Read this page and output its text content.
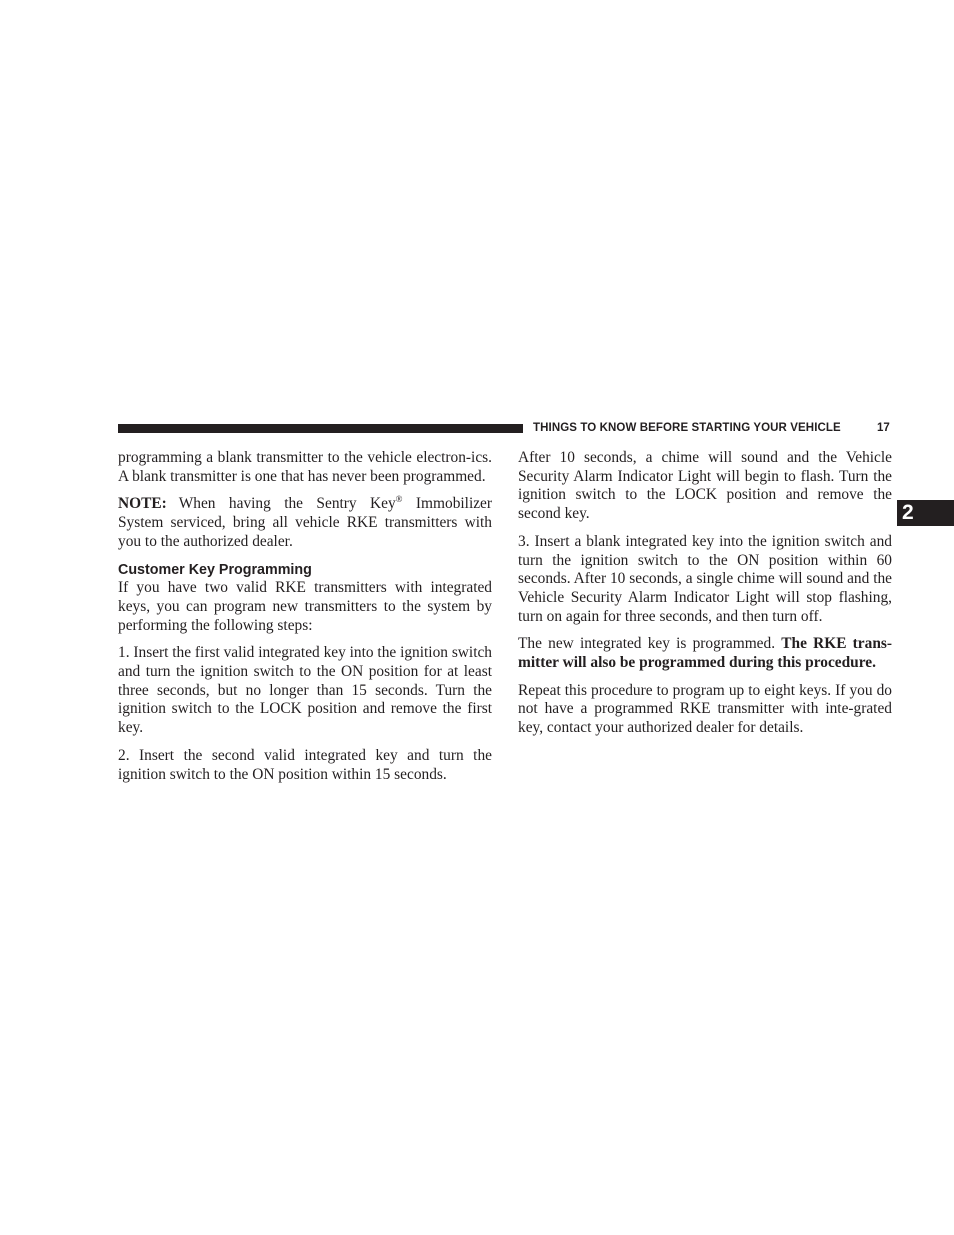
THINGS TO KNOW BEFORE STARTING YOUR VEHICLE	17
2

programming a blank transmitter to the vehicle electron-ics. A blank transmitter is one that has never been programmed.

NOTE: When having the Sentry Key® Immobilizer System serviced, bring all vehicle RKE transmitters with you to the authorized dealer.

Customer Key Programming

If you have two valid RKE transmitters with integrated keys, you can program new transmitters to the system by performing the following steps:

1. Insert the first valid integrated key into the ignition switch and turn the ignition switch to the ON position for at least three seconds, but no longer than 15 seconds. Turn the ignition switch to the LOCK position and remove the first key.

2. Insert the second valid integrated key and turn the ignition switch to the ON position within 15 seconds.

After 10 seconds, a chime will sound and the Vehicle Security Alarm Indicator Light will begin to flash. Turn the ignition switch to the LOCK position and remove the second key.

3. Insert a blank integrated key into the ignition switch and turn the ignition switch to the ON position within 60 seconds. After 10 seconds, a single chime will sound and the Vehicle Security Alarm Indicator Light will stop flashing, turn on again for three seconds, and then turn off.

The new integrated key is programmed. The RKE trans-mitter will also be programmed during this procedure.

Repeat this procedure to program up to eight keys. If you do not have a programmed RKE transmitter with inte-grated key, contact your authorized dealer for details.
